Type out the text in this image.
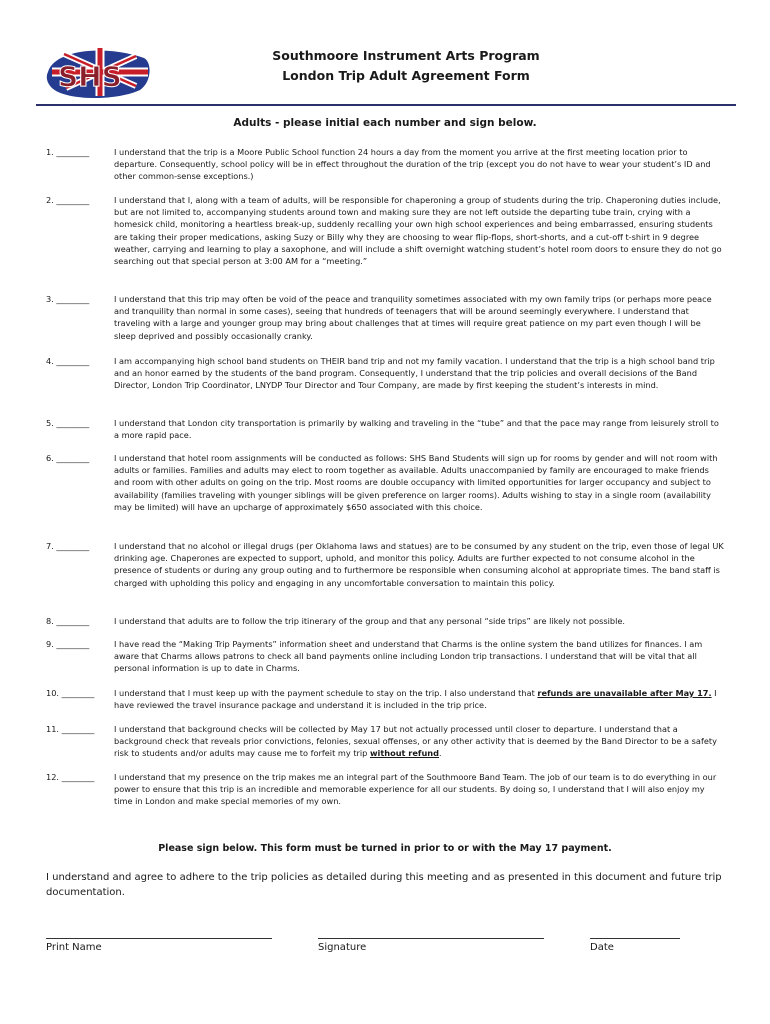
SHS
Southmoore Instrument Arts Program
London Trip Adult Agreement Form
Adults - please initial each number and sign below.
1. ________	I understand that the trip is a Moore Public School function 24 hours a day from the moment you arrive at the first meeting location prior to departure. Consequently, school policy will be in effect throughout the duration of the trip (except you do not have to wear your student’s ID and other common-sense exceptions.)
2. ________	I understand that I, along with a team of adults, will be responsible for chaperoning a group of students during the trip. Chaperoning duties include, but are not limited to, accompanying students around town and making sure they are not left outside the departing tube train, crying with a homesick child, monitoring a heartless break-up, suddenly recalling your own high school experiences and being embarrassed, ensuring students are taking their proper medications, asking Suzy or Billy why they are choosing to wear flip-flops, short-shorts, and a cut-off t-shirt in 9 degree weather, carrying and learning to play a saxophone, and will include a shift overnight watching student’s hotel room doors to ensure they do not go searching out that special person at 3:00 AM for a “meeting.”
3. ________	I understand that this trip may often be void of the peace and tranquility sometimes associated with my own family trips (or perhaps more peace and tranquility than normal in some cases), seeing that hundreds of teenagers that will be around seemingly everywhere. I understand that traveling with a large and younger group may bring about challenges that at times will require great patience on my part even though I will be sleep deprived and possibly occasionally cranky.
4. ________	I am accompanying high school band students on THEIR band trip and not my family vacation. I understand that the trip is a high school band trip and an honor earned by the students of the band program. Consequently, I understand that the trip policies and overall decisions of the Band Director, London Trip Coordinator, LNYDP Tour Director and Tour Company, are made by first keeping the student’s interests in mind.
5. ________	I understand that London city transportation is primarily by walking and traveling in the “tube” and that the pace may range from leisurely stroll to a more rapid pace.
6. ________	I understand that hotel room assignments will be conducted as follows: SHS Band Students will sign up for rooms by gender and will not room with adults or families. Families and adults may elect to room together as available. Adults unaccompanied by family are encouraged to make friends and room with other adults on going on the trip. Most rooms are double occupancy with limited opportunities for larger occupancy and subject to availability (families traveling with younger siblings will be given preference on larger rooms). Adults wishing to stay in a single room (availability may be limited) will have an upcharge of approximately $650 associated with this choice.
7. ________	I understand that no alcohol or illegal drugs (per Oklahoma laws and statues) are to be consumed by any student on the trip, even those of legal UK drinking age. Chaperones are expected to support, uphold, and monitor this policy. Adults are further expected to not consume alcohol in the presence of students or during any group outing and to furthermore be responsible when consuming alcohol at appropriate times. The band staff is charged with upholding this policy and engaging in any uncomfortable conversation to maintain this policy.
8. ________	I understand that adults are to follow the trip itinerary of the group and that any personal “side trips” are likely not possible.
9. ________	I have read the “Making Trip Payments” information sheet and understand that Charms is the online system the band utilizes for finances. I am aware that Charms allows patrons to check all band payments online including London trip transactions. I understand that will be vital that all personal information is up to date in Charms.
10. ________	I understand that I must keep up with the payment schedule to stay on the trip. I also understand that refunds are unavailable after May 17. I have reviewed the travel insurance package and understand it is included in the trip price.
11. ________	I understand that background checks will be collected by May 17 but not actually processed until closer to departure. I understand that a background check that reveals prior convictions, felonies, sexual offenses, or any other activity that is deemed by the Band Director to be a safety risk to students and/or adults may cause me to forfeit my trip without refund.
12. ________	I understand that my presence on the trip makes me an integral part of the Southmoore Band Team. The job of our team is to do everything in our power to ensure that this trip is an incredible and memorable experience for all our students. By doing so, I understand that I will also enjoy my time in London and make special memories of my own.
Please sign below. This form must be turned in prior to or with the May 17 payment.
I understand and agree to adhere to the trip policies as detailed during this meeting and as presented in this document and future trip documentation.
Print Name	Signature	Date
